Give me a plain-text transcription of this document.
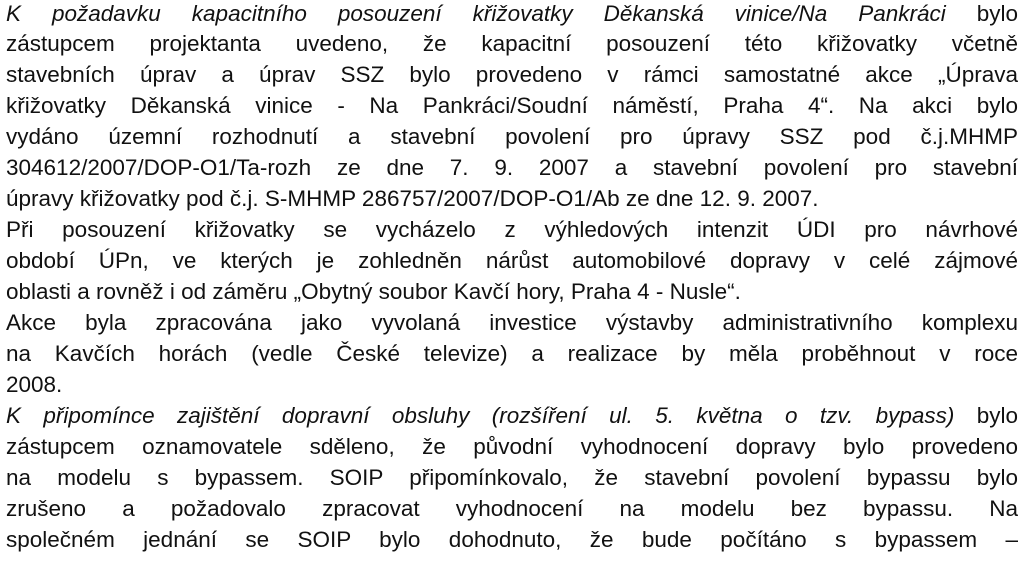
K požadavku kapacitního posouzení křižovatky Děkanská vinice/Na Pankráci bylo

zástupcem projektanta uvedeno, že kapacitní posouzení této křižovatky včetně

stavebních úprav a úprav SSZ bylo provedeno v rámci samostatné akce „Úprava

křižovatky Děkanská vinice - Na Pankráci/Soudní náměstí, Praha 4“. Na akci bylo

vydáno územní rozhodnutí a stavební povolení pro úpravy SSZ pod č.j.MHMP

304612/2007/DOP-O1/Ta-rozh ze dne 7. 9. 2007 a stavební povolení pro stavební

úpravy křižovatky pod č.j. S-MHMP 286757/2007/DOP-O1/Ab ze dne 12. 9. 2007.

Při posouzení křižovatky se vycházelo z výhledových intenzit ÚDI pro návrhové

období ÚPn, ve kterých je zohledněn nárůst automobilové dopravy v celé zájmové

oblasti a rovněž i od záměru „Obytný soubor Kavčí hory, Praha 4 - Nusle“.

Akce byla zpracována jako vyvolaná investice výstavby administrativního komplexu

na Kavčích horách (vedle České televize) a realizace by měla proběhnout v roce

2008.

K připomínce zajištění dopravní obsluhy (rozšíření ul. 5. května o tzv. bypass) bylo

zástupcem oznamovatele sděleno, že původní vyhodnocení dopravy bylo provedeno

na modelu s bypassem. SOIP připomínkovalo, že stavební povolení bypassu bylo

zrušeno a požadovalo zpracovat vyhodnocení na modelu bez bypassu. Na

společném jednání se SOIP bylo dohodnuto, že bude počítáno s bypassem –
